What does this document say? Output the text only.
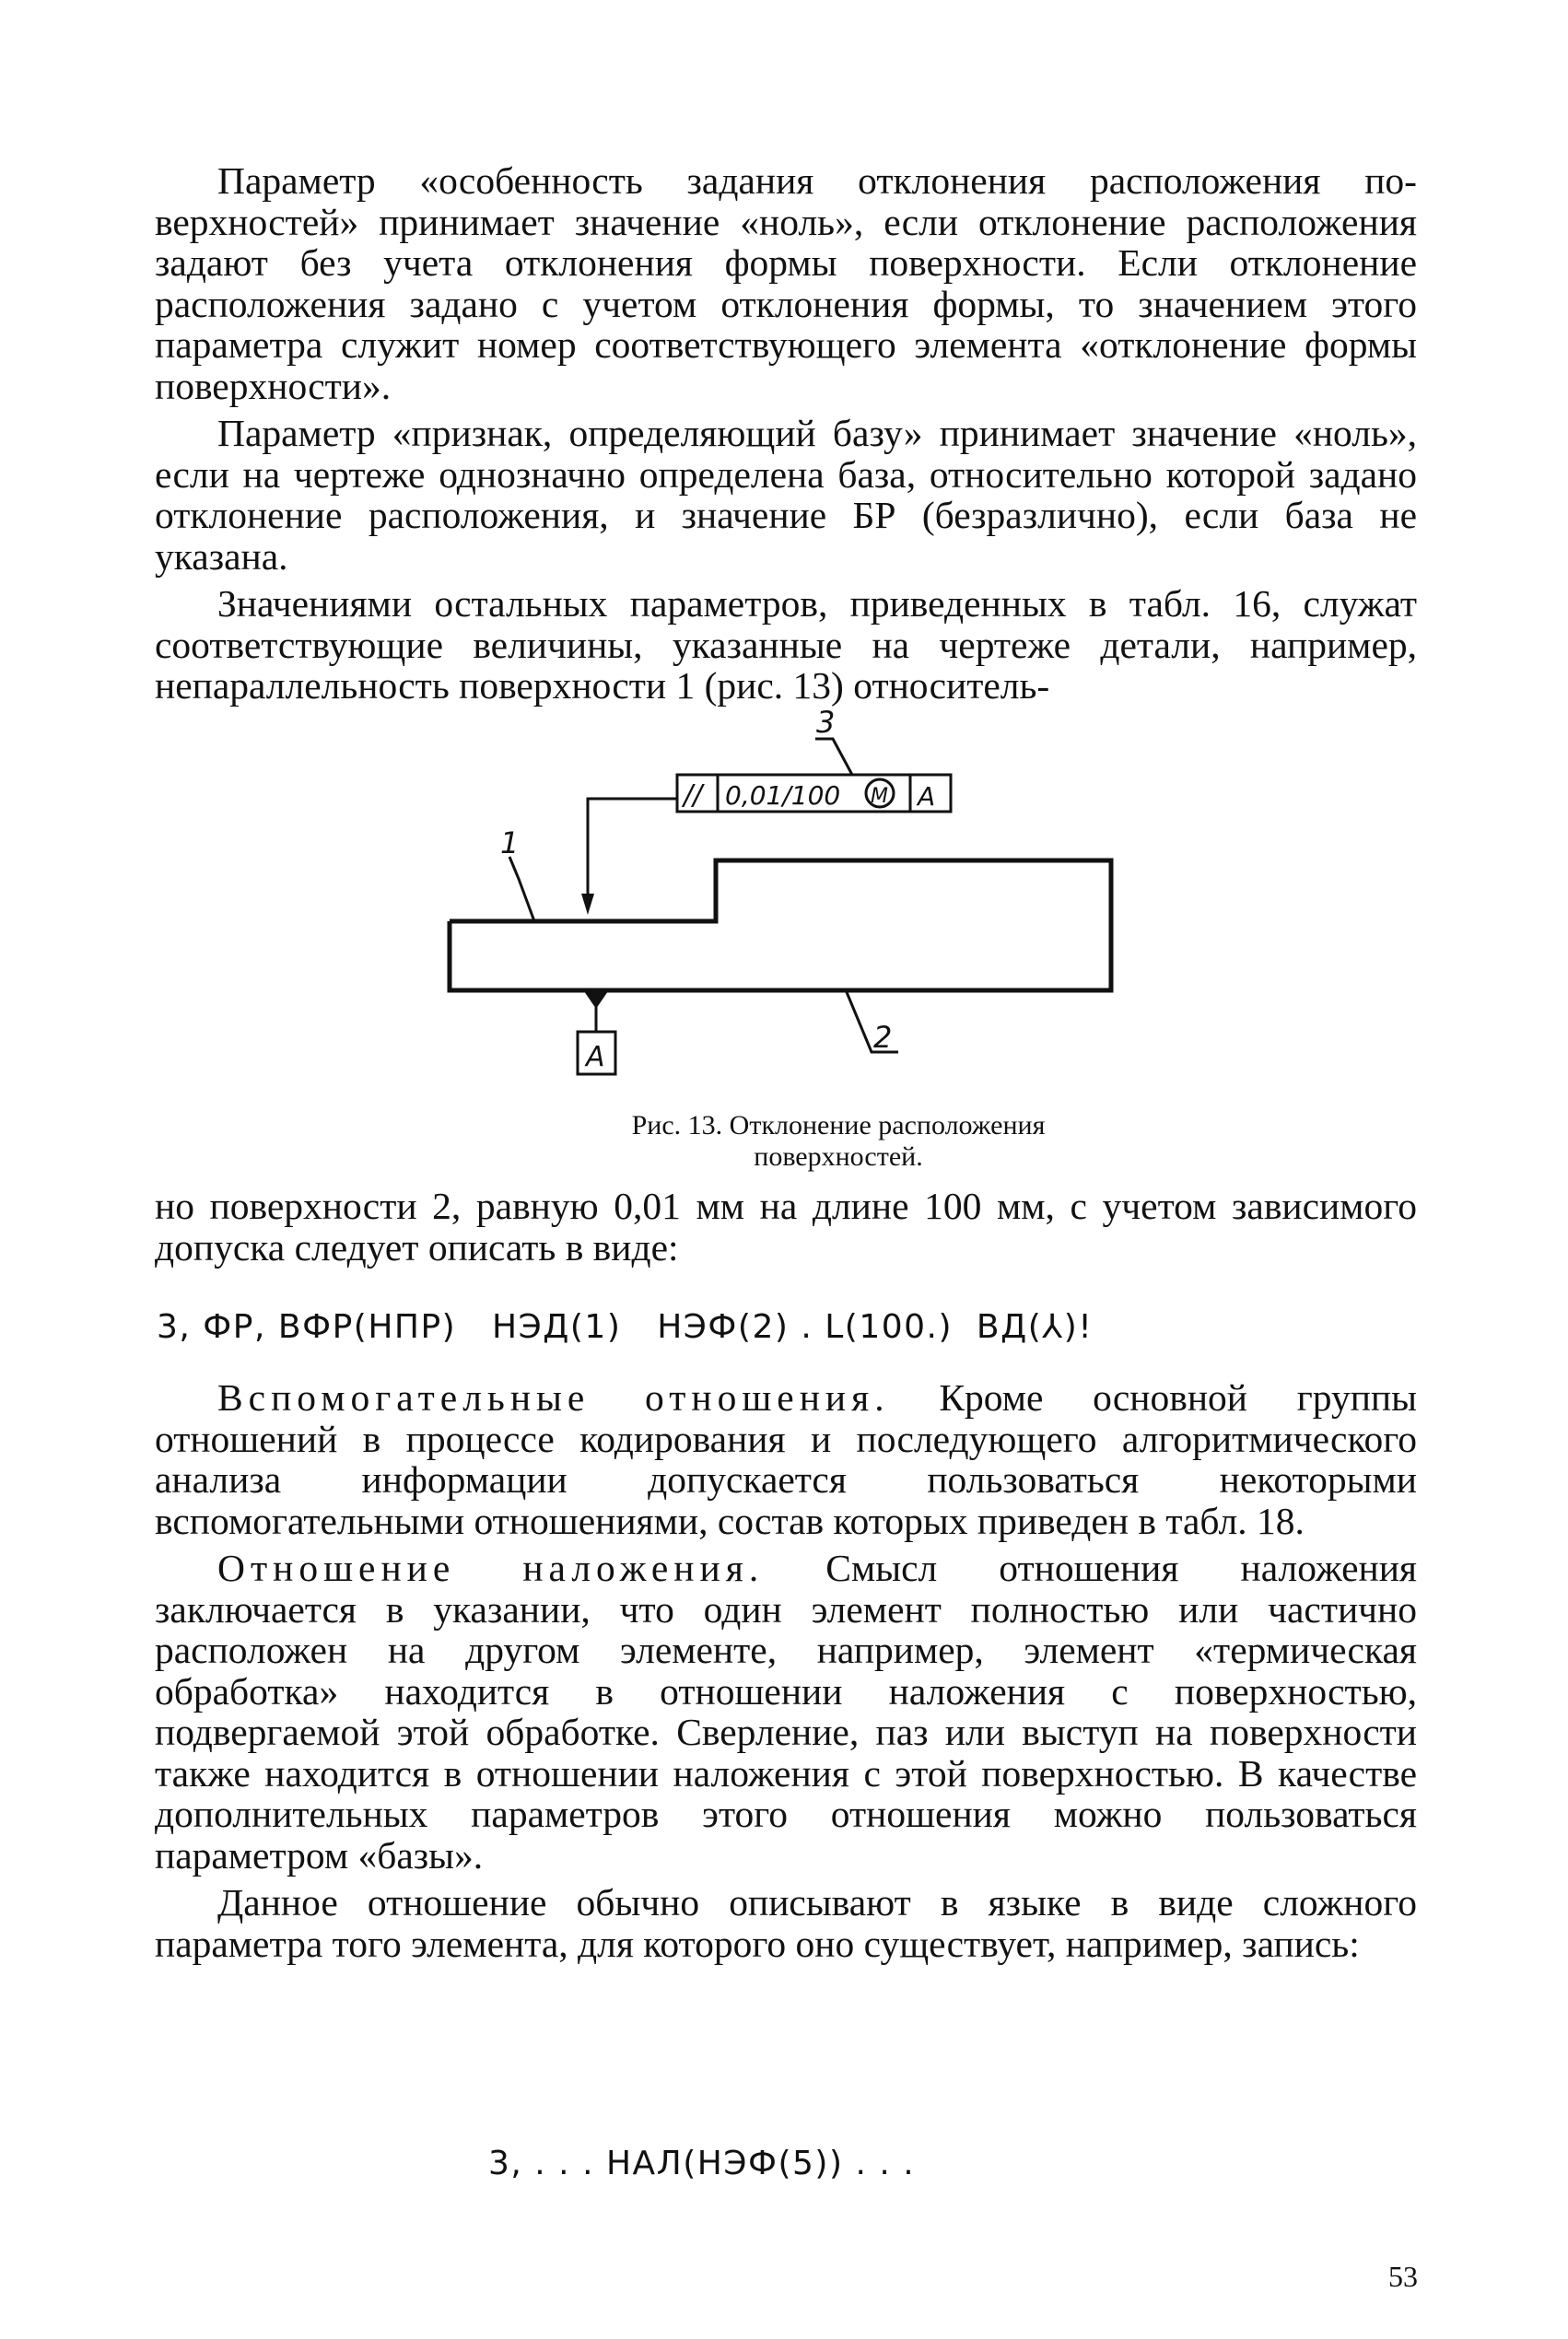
Параметр «особенность задания отклонения расположения поверхностей» принимает значение «ноль», если отклонение расположения задают без учета отклонения формы поверхности. Если отклонение расположения задано с учетом отклонения формы, то значением этого параметра служит номер соответствующего элемента «отклонение формы поверхности».

Параметр «признак, определяющий базу» принимает значение «ноль», если на чертеже однозначно определена база, относительно которой задано отклонение расположения, и значение БР (безразлично), если база не указана.

Значениями остальных параметров, приведенных в табл. 16, служат соответствующие величины, указанные на чертеже детали, например, непараллельность поверхности 1 (рис. 13) относитель-

// 0,01/100 M A
3
1
2
A
Рис. 13. Отклонение расположения
поверхностей.

но поверхности 2, равную 0,01 мм на длине 100 мм, с учетом зависимого допуска следует описать в виде:

3, ФР, ВФР(НПР)   НЭД(1)   НЭФ(2) . L(100.)  ВД(⅄)!

Вспомогательные отношения. Кроме основной группы отношений в процессе кодирования и последующего алгоритмического анализа информации допускается пользоваться некоторыми вспомогательными отношениями, состав которых приведен в табл. 18.

Отношение наложения. Смысл отношения наложения заключается в указании, что один элемент полностью или частично расположен на другом элементе, например, элемент «термическая обработка» находится в отношении наложения с поверхностью, подвергаемой этой обработке. Сверление, паз или выступ на поверхности также находится в отношении наложения с этой поверхностью. В качестве дополнительных параметров этого отношения можно пользоваться параметром «базы».

Данное отношение обычно описывают в языке в виде сложного параметра того элемента, для которого оно существует, например, запись:

3, . . . НАЛ(НЭФ(5)) . . .
53
